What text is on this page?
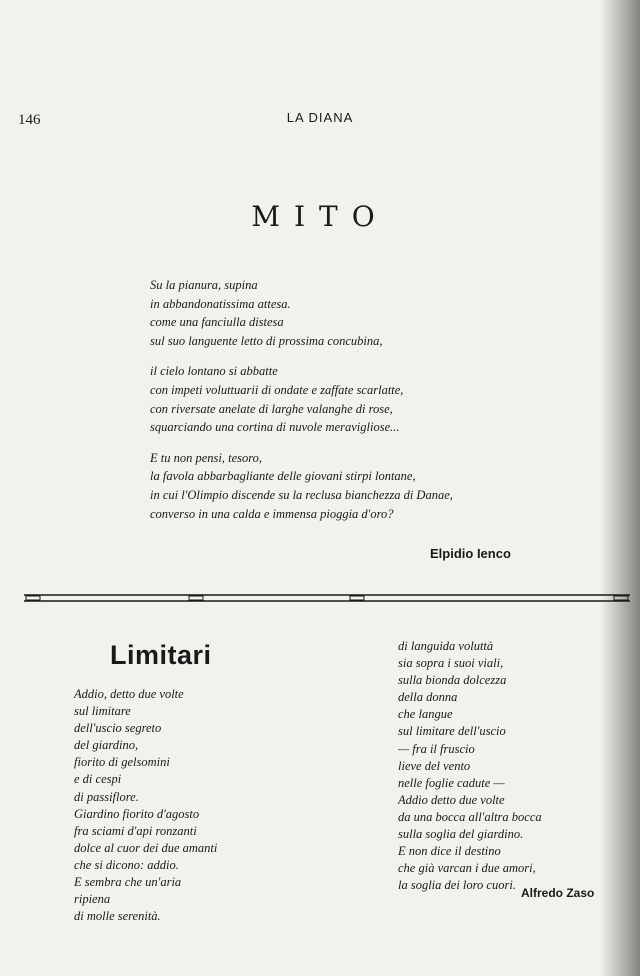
146	LA DIANA
MITO

Su la pianura, supina

in abbandonatissima attesa.

come una fanciulla distesa

sul suo languente letto di prossima concubina,

il cielo lontano si abbatte

con impeti voluttuarii di ondate e zaffate scarlatte,

con riversate anelate di larghe valanghe di rose,

squarciando una cortina di nuvole meravigliose...

E tu non pensi, tesoro,

la favola abbarbagliante delle giovani stirpi lontane,

in cui l'Olimpio discende su la reclusa bianchezza di Danae,

converso in una calda e immensa pioggia d'oro?

Elpidio Ienco
Limitari

Addio, detto due volte

sul limitare

dell'uscio segreto

del giardino,

fiorito di gelsomini

e di cespi

di passiflore.

Giardino fiorito d'agosto

fra sciami d'api ronzanti

dolce al cuor dei due amanti

che si dicono: addio.

E sembra che un'aria

ripiena

di molle serenità.

di languida voluttà

sia sopra i suoi viali,

sulla bionda dolcezza

della donna

che langue

sul limitare dell'uscio

— fra il fruscio

lieve del vento

nelle foglie cadute —

Addio detto due volte

da una bocca all'altra bocca

sulla soglia del giardino.

E non dice il destino

che già varcan i due amori,

la soglia dei loro cuori.

Alfredo Zaso
